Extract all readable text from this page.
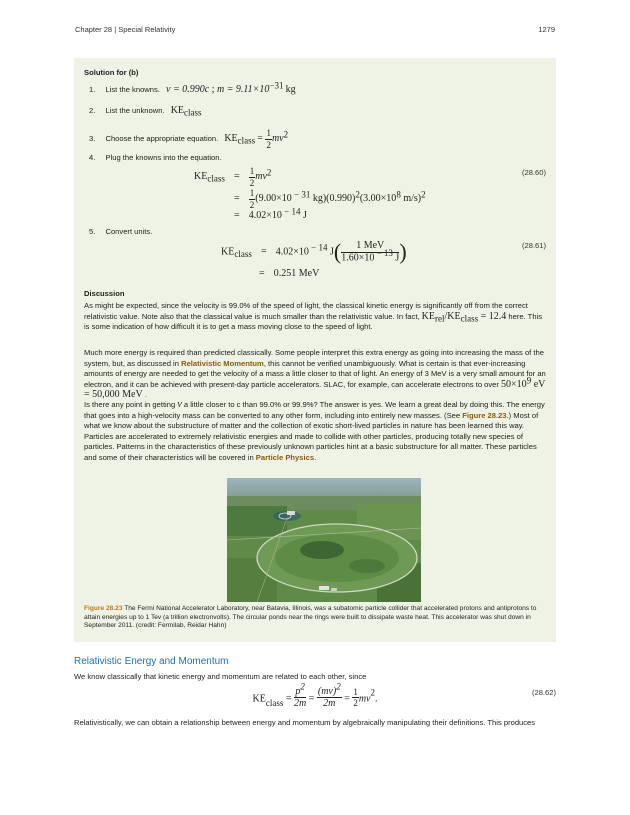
Chapter 28 | Special Relativity	1279
Solution for (b)
1. List the knowns. v = 0.990c ; $m = 9.11\times 10^{-31}$ kg
2. List the unknown. $KE_{class}$
3. Choose the appropriate equation. $KE_{class} = \frac{1}{2} mv^2$
4. Plug the knowns into the equation.
(28.60)
$KE_{class} = \frac{1}{2} mv^2$
= $\frac{1}{2} (9.00\times 10$ $^{- 31}$ $kg)(0.990)^2(3.00\times 10^8$ m/s)$^2$
= 4.02×10 $^{- 14}$ J
5. Convert units.
(28.61)
$KE_{class} = 4.02\times 10$ $^{- 14}$ $J( \frac{\text{1 MeV}}{1.60\times 10 ^{- 13} J}$ )
= 0.251 MeV
Discussion
As might be expected, since the velocity is 99.0% of the speed of light, the classical kinetic energy is significantly off from the correct relativistic value. Note also that the classical value is much smaller than the relativistic value. In fact, $KE_{rel}/KE_{class} = 12.4$ here. This is some indication of how difficult it is to get a mass moving close to the speed of light.
Much more energy is required than predicted classically. Some people interpret this extra energy as going into increasing the mass of the system, but, as discussed in Relativistic Momentum, this cannot be verified unambiguously. What is certain is that ever-increasing amounts of energy are needed to get the velocity of a mass a little closer to that of light. An energy of 3 MeV is a very small amount for an electron, and it can be achieved with present-day particle accelerators. SLAC, for example, can accelerate electrons to over $50\times 10^9$ eV = 50,000 MeV .
Is there any point in getting v a little closer to c than 99.0% or 99.9%? The answer is yes. We learn a great deal by doing this. The energy that goes into a high-velocity mass can be converted to any other form, including into entirely new masses. (See Figure 28.23.) Most of what we know about the substructure of matter and the collection of exotic short-lived particles in nature has been learned this way. Particles are accelerated to extremely relativistic energies and made to collide with other particles, producing totally new species of particles. Patterns in the characteristics of these previously unknown particles hint at a basic substructure for all matter. These particles and some of their characteristics will be covered in Particle Physics.
Figure 28.23 The Fermi National Accelerator Laboratory, near Batavia, Illinois, was a subatomic particle collider that accelerated protons and antiprotons to attain energies up to 1 Tev (a trillion electronvolts). The circular ponds near the rings were built to dissipate waste heat. This accelerator was shut down in September 2011. (credit: Fermilab, Reidar Hahn)
Relativistic Energy and Momentum
We know classically that kinetic energy and momentum are related to each other, since
(28.62)
$KE_{class} = \frac{p^2}{2m} = \frac{(mv)^2}{2m} = \frac{1}{2} mv^2$.
Relativistically, we can obtain a relationship between energy and momentum by algebraically manipulating their definitions. This produces
